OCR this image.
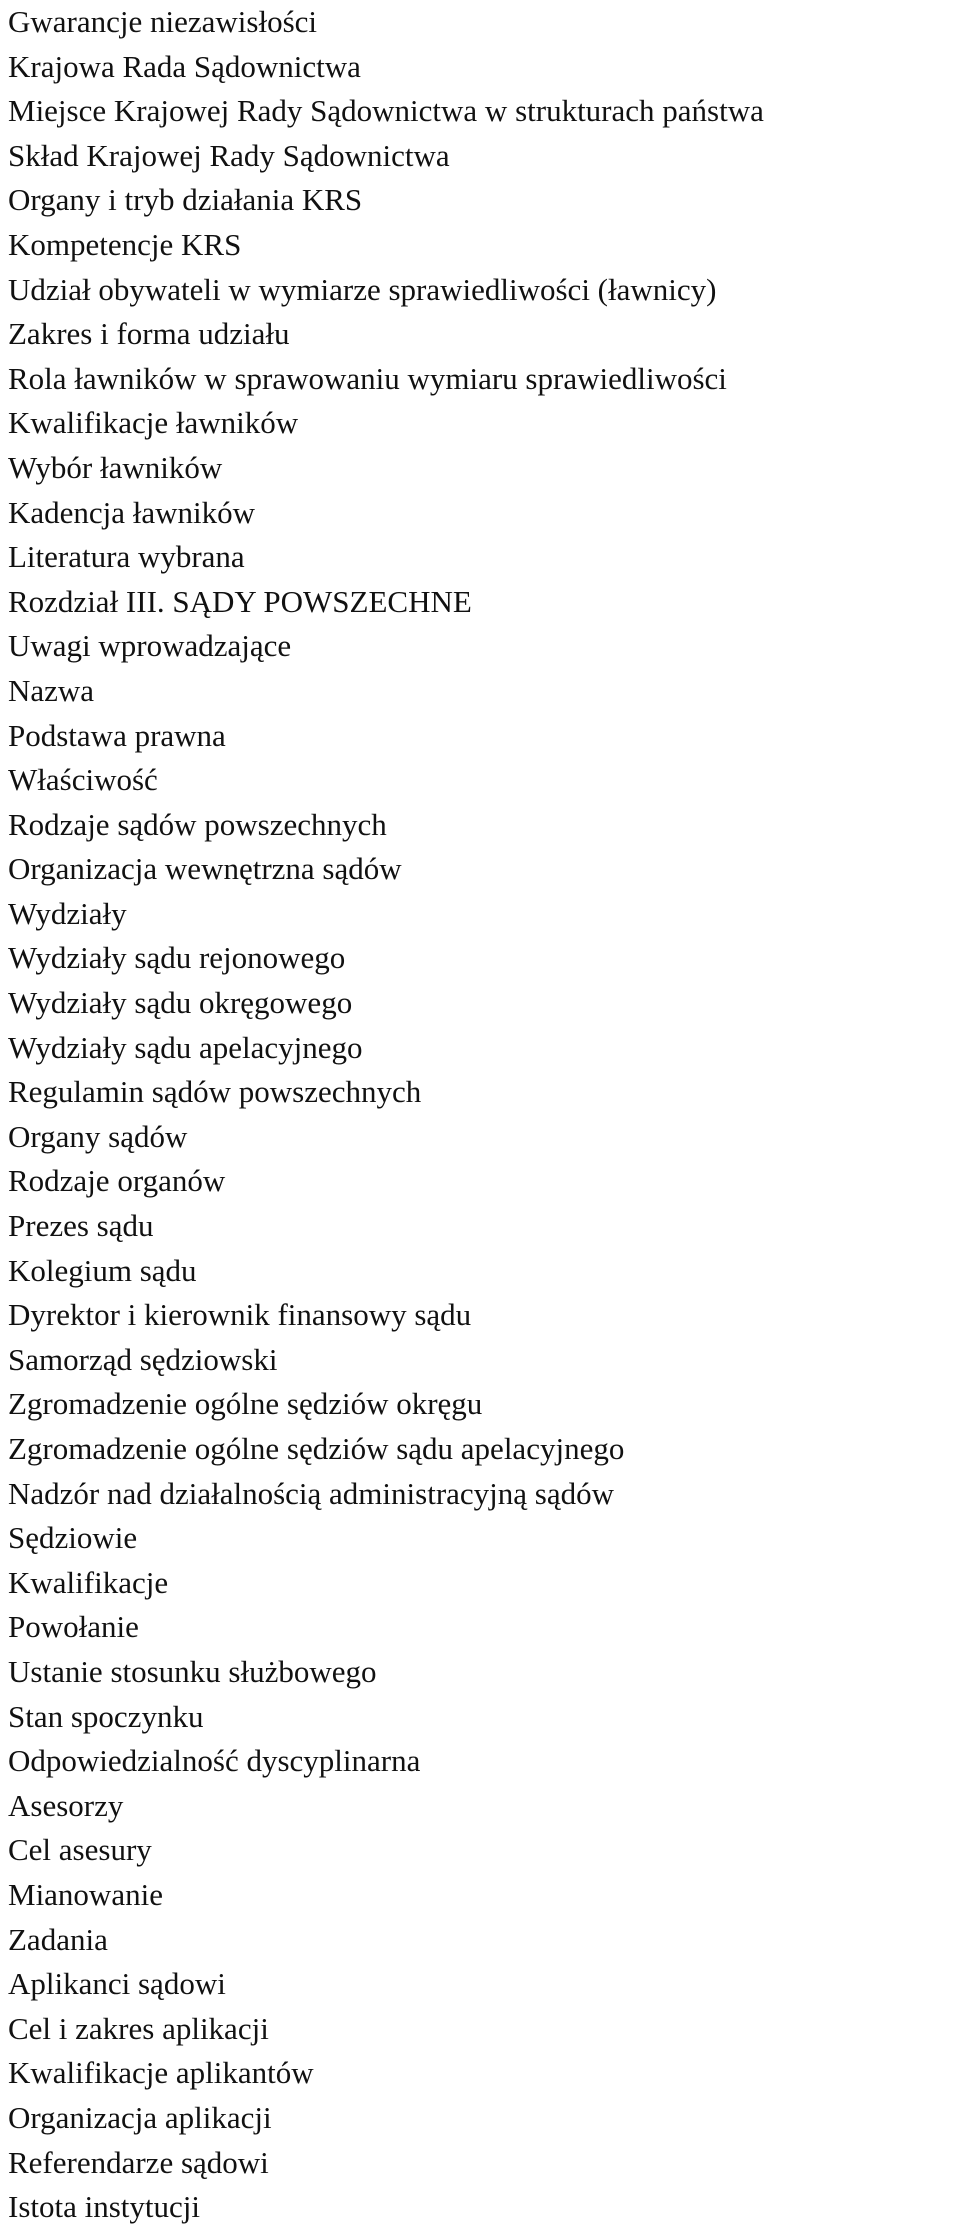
Gwarancje niezawisłości
Krajowa Rada Sądownictwa
Miejsce Krajowej Rady Sądownictwa w strukturach państwa
Skład Krajowej Rady Sądownictwa
Organy i tryb działania KRS
Kompetencje KRS
Udział obywateli w wymiarze sprawiedliwości (ławnicy)
Zakres i forma udziału
Rola ławników w sprawowaniu wymiaru sprawiedliwości
Kwalifikacje ławników
Wybór ławników
Kadencja ławników
Literatura wybrana
Rozdział III. SĄDY POWSZECHNE
Uwagi wprowadzające
Nazwa
Podstawa prawna
Właściwość
Rodzaje sądów powszechnych
Organizacja wewnętrzna sądów
Wydziały
Wydziały sądu rejonowego
Wydziały sądu okręgowego
Wydziały sądu apelacyjnego
Regulamin sądów powszechnych
Organy sądów
Rodzaje organów
Prezes sądu
Kolegium sądu
Dyrektor i kierownik finansowy sądu
Samorząd sędziowski
Zgromadzenie ogólne sędziów okręgu
Zgromadzenie ogólne sędziów sądu apelacyjnego
Nadzór nad działalnością administracyjną sądów
Sędziowie
Kwalifikacje
Powołanie
Ustanie stosunku służbowego
Stan spoczynku
Odpowiedzialność dyscyplinarna
Asesorzy
Cel asesury
Mianowanie
Zadania
Aplikanci sądowi
Cel i zakres aplikacji
Kwalifikacje aplikantów
Organizacja aplikacji
Referendarze sądowi
Istota instytucji
